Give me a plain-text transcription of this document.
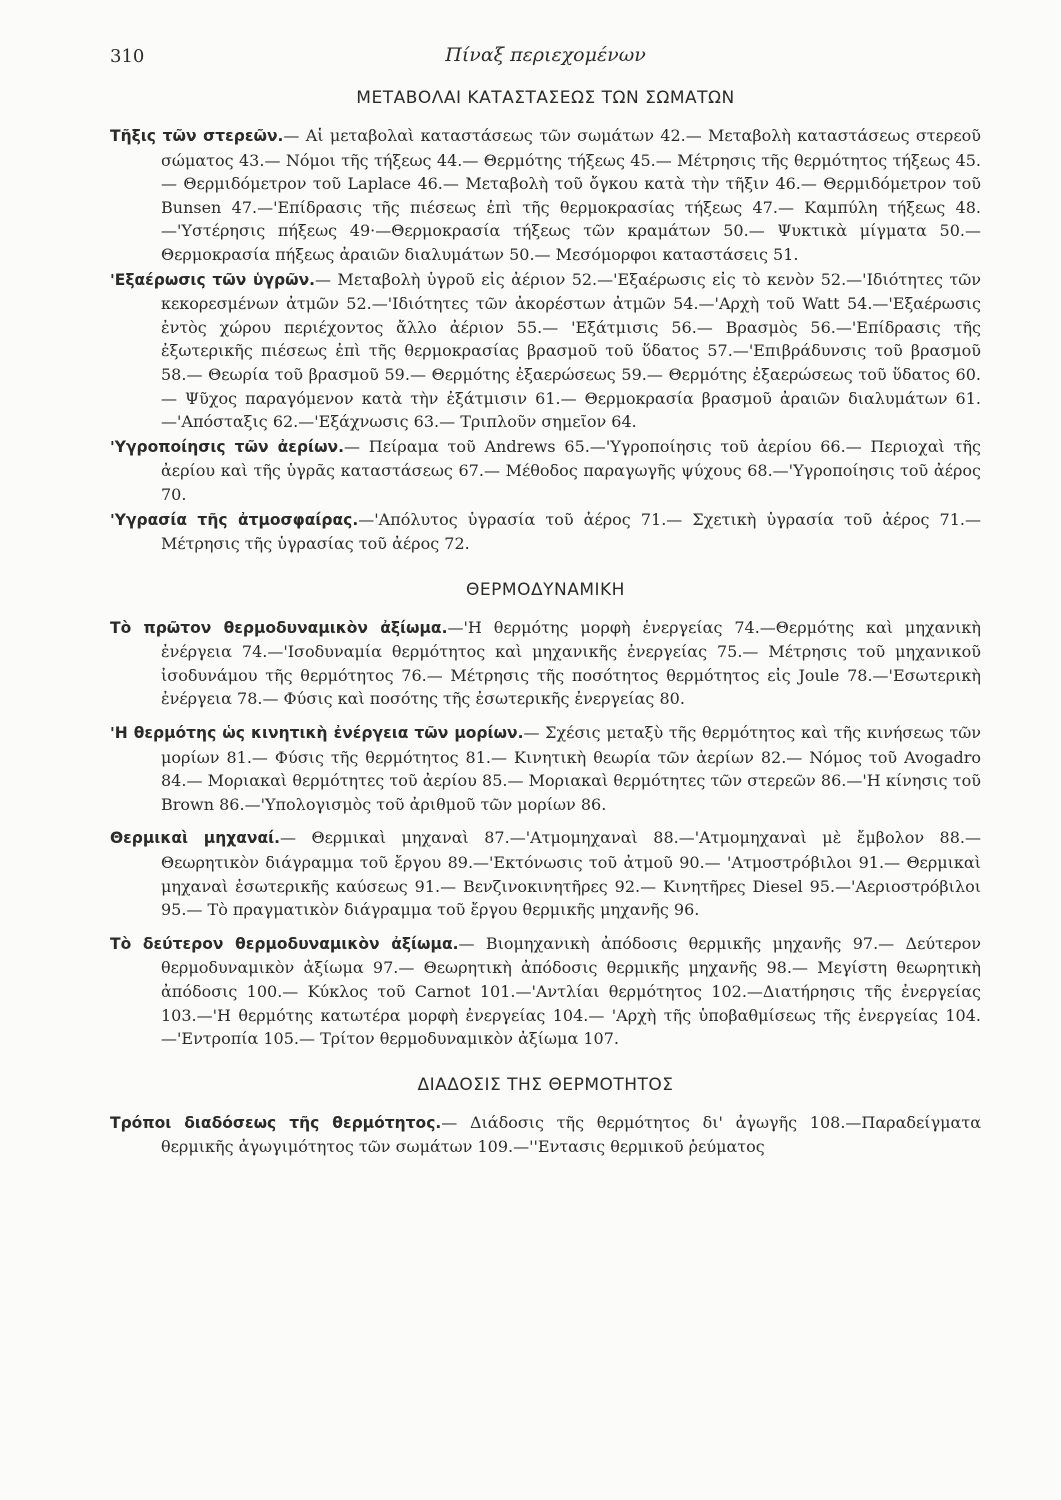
310	Πίναξ περιεχομένων
ΜΕΤΑΒΟΛΑΙ ΚΑΤΑΣΤΑΣΕΩΣ ΤΩΝ ΣΩΜΑΤΩΝ

Τῆξις τῶν στερεῶν.— Αἱ μεταβολαὶ καταστάσεως τῶν σωμάτων 42.— Μεταβολὴ καταστάσεως στερεοῦ σώματος 43.— Νόμοι τῆς τήξεως 44.— Θερμότης τήξεως 45.— Μέτρησις τῆς θερμότητος τήξεως 45.— Θερμιδόμετρον τοῦ Laplace 46.— Μεταβολὴ τοῦ ὄγκου κατὰ τὴν τῆξιν 46.— Θερμιδόμετρον τοῦ Bunsen 47.—'Επίδρασις τῆς πιέσεως ἐπὶ τῆς θερμοκρασίας τήξεως 47.— Καμπύλη τήξεως 48.—'Υστέρησις πήξεως 49·—Θερμοκρασία τήξεως τῶν κραμάτων 50.— Ψυκτικὰ μίγματα 50.— Θερμοκρασία πήξεως ἀραιῶν διαλυμάτων 50.— Μεσόμορφοι καταστάσεις 51.

'Εξαέρωσις τῶν ὑγρῶν.— Μεταβολὴ ὑγροῦ εἰς ἀέριον 52.—'Εξαέρωσις εἰς τὸ κενὸν 52.—'Ιδιότητες τῶν κεκορεσμένων ἀτμῶν 52.—'Ιδιότητες τῶν ἀκορέστων ἀτμῶν 54.—'Αρχὴ τοῦ Watt 54.—'Εξαέρωσις ἐντὸς χώρου περιέχοντος ἄλλο ἀέριον 55.— 'Εξάτμισις 56.— Βρασμὸς 56.—'Επίδρασις τῆς ἐξωτερικῆς πιέσεως ἐπὶ τῆς θερμοκρασίας βρασμοῦ τοῦ ὕδατος 57.—'Επιβράδυνσις τοῦ βρασμοῦ 58.— Θεωρία τοῦ βρασμοῦ 59.— Θερμότης ἐξαερώσεως 59.— Θερμότης ἐξαερώσεως τοῦ ὕδατος 60.— Ψῦχος παραγόμενον κατὰ τὴν ἐξάτμισιν 61.— Θερμοκρασία βρασμοῦ ἀραιῶν διαλυμάτων 61.—'Απόσταξις 62.—'Εξάχνωσις 63.— Τριπλοῦν σημεῖον 64.

'Υγροποίησις τῶν ἀερίων.— Πείραμα τοῦ Andrews 65.—'Υγροποίησις τοῦ ἀερίου 66.— Περιοχαὶ τῆς ἀερίου καὶ τῆς ὑγρᾶς καταστάσεως 67.— Μέθοδος παραγωγῆς ψύχους 68.—'Υγροποίησις τοῦ ἀέρος 70.

'Υγρασία τῆς ἀτμοσφαίρας.—'Απόλυτος ὑγρασία τοῦ ἀέρος 71.— Σχετικὴ ὑγρασία τοῦ ἀέρος 71.— Μέτρησις τῆς ὑγρασίας τοῦ ἀέρος 72.

ΘΕΡΜΟΔΥΝΑΜΙΚΗ

Τὸ πρῶτον θερμοδυναμικὸν ἀξίωμα.—'Η θερμότης μορφὴ ἐνεργείας 74.—Θερμότης καὶ μηχανικὴ ἐνέργεια 74.—'Ισοδυναμία θερμότητος καὶ μηχανικῆς ἐνεργείας 75.— Μέτρησις τοῦ μηχανικοῦ ἰσοδυνάμου τῆς θερμότητος 76.— Μέτρησις τῆς ποσότητος θερμότητος εἰς Joule 78.—'Εσωτερικὴ ἐνέργεια 78.— Φύσις καὶ ποσότης τῆς ἐσωτερικῆς ἐνεργείας 80.

'Η θερμότης ὡς κινητικὴ ἐνέργεια τῶν μορίων.— Σχέσις μεταξὺ τῆς θερμότητος καὶ τῆς κινήσεως τῶν μορίων 81.— Φύσις τῆς θερμότητος 81.— Κινητικὴ θεωρία τῶν ἀερίων 82.— Νόμος τοῦ Avogadro 84.— Μοριακαὶ θερμότητες τοῦ ἀερίου 85.— Μοριακαὶ θερμότητες τῶν στερεῶν 86.—'Η κίνησις τοῦ Brown 86.—'Υπολογισμὸς τοῦ ἀριθμοῦ τῶν μορίων 86.

Θερμικαὶ μηχαναί.— Θερμικαὶ μηχαναὶ 87.—'Ατμομηχαναὶ 88.—'Ατμομηχαναὶ μὲ ἔμβολον 88.— Θεωρητικὸν διάγραμμα τοῦ ἔργου 89.—'Εκτόνωσις τοῦ ἀτμοῦ 90.— 'Ατμοστρόβιλοι 91.— Θερμικαὶ μηχαναὶ ἐσωτερικῆς καύσεως 91.— Βενζινοκινητῆρες 92.— Κινητῆρες Diesel 95.—'Αεριοστρόβιλοι 95.— Τὸ πραγματικὸν διάγραμμα τοῦ ἔργου θερμικῆς μηχανῆς 96.

Τὸ δεύτερον θερμοδυναμικὸν ἀξίωμα.— Βιομηχανικὴ ἀπόδοσις θερμικῆς μηχανῆς 97.— Δεύτερον θερμοδυναμικὸν ἀξίωμα 97.— Θεωρητικὴ ἀπόδοσις θερμικῆς μηχανῆς 98.— Μεγίστη θεωρητικὴ ἀπόδοσις 100.— Κύκλος τοῦ Carnot 101.—'Αντλίαι θερμότητος 102.—Διατήρησις τῆς ἐνεργείας 103.—'Η θερμότης κατωτέρα μορφὴ ἐνεργείας 104.— 'Αρχὴ τῆς ὑποβαθμίσεως τῆς ἐνεργείας 104.—'Εντροπία 105.— Τρίτον θερμοδυναμικὸν ἀξίωμα 107.

ΔΙΑΔΟΣΙΣ ΤΗΣ ΘΕΡΜΟΤΗΤΟΣ

Τρόποι διαδόσεως τῆς θερμότητος.— Διάδοσις τῆς θερμότητος δι' ἀγωγῆς 108.—Παραδείγματα θερμικῆς ἀγωγιμότητος τῶν σωμάτων 109.—''Εντασις θερμικοῦ ῥεύματος
